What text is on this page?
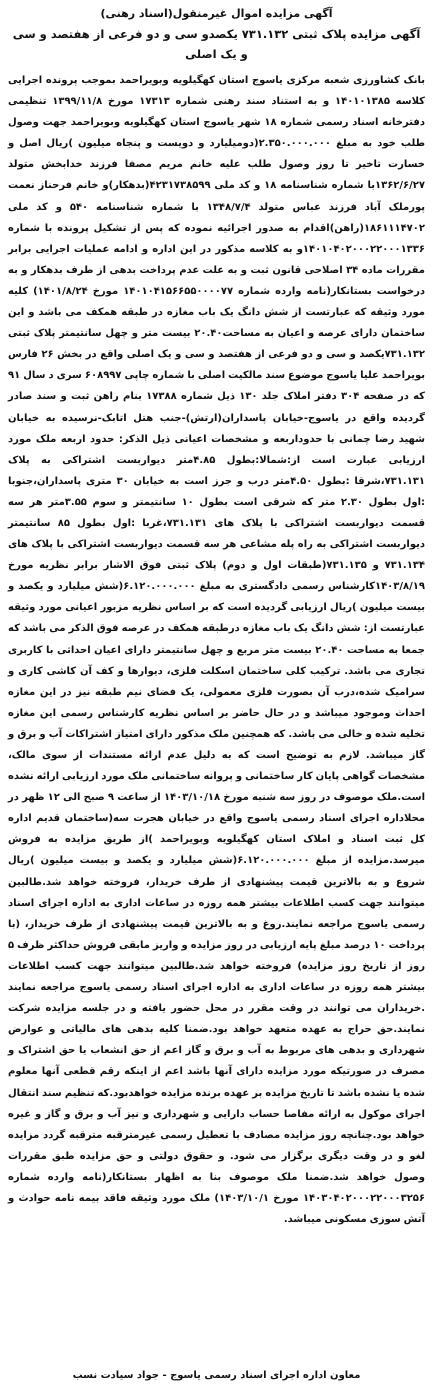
آگهی مزایده اموال غیرمنقول(اسناد رهنی)
آگهی مزایده پلاک ثبتی ۷۳۱.۱۳۲ یکصدو سی و دو فرعی از هفتصد و سی و یک اصلی
بانک کشاورزی شعبه مرکزی یاسوج استان کهگیلویه وبویراحمد بموجب پرونده اجرایی کلاسه ۱۴۰۱۰۱۳۸۵ و به استناد سند رهنی شماره ۱۷۳۱۳ مورخ ۱۳۹۹/۱۱/۸ تنظیمی دفترخانه اسناد رسمی شماره ۱۸ شهر یاسوج استان کهگیلویه وبویراحمد جهت وصول طلب خود به مبلغ ۲.۳۵۰.۰۰۰.۰۰۰(دومیلیارد و دویست و پنجاه میلیون )ریال اصل و خسارت تاخیر تا روز وصول طلب علیه خانم مریم مصفا فرزند خدابخش متولد ۱۳۶۲/۶/۲۷با شماره شناسنامه ۱۸ و کد ملی ۴۲۳۱۷۳۸۵۹۹(بدهکار)و خانم فرحناز نعمت پورملک آباد فرزند عباس متولد ۱۳۴۸/۷/۴ با شماره شناسنامه ۵۴۰ و کد ملی ۱۸۶۱۱۱۴۷۰۲(راهن)اقدام به صدور اجرائیه نموده که پس از تشکیل پرونده با شماره ۱۴۰۱۰۴۰۲۰۰۰۲۲۰۰۰۱۳۳۶و به کلاسه مذکور در این اداره و ادامه عملیات اجرایی برابر مقررات ماده ۳۴ اصلاحی قانون ثبت و به علت عدم پرداخت بدهی از طرف بدهکار و به درخواست بستانکار(نامه وارده شماره ۱۴۰۱۰۴۱۵۶۶۵۵۰۰۰۰۷۷ مورخ ۱۴۰۱/۸/۲۴) کلیه مورد وثیقه که عبارتست از شش دانگ یک باب مغازه در طبقه همکف می باشد و این ساختمان دارای عرصه و اعیان به مساحت۲۰.۴۰ بیست متر و چهل سانتیمتر پلاک ثبتی ۷۳۱.۱۳۲یکصد و سی و دو فرعی از هفتصد و سی و یک اصلی واقع در بخش ۲۶ فارس بویراحمد علیا یاسوج موضوع سند مالکیت اصلی با شماره چاپی ۶۰۸۹۹۷ سری د سال ۹۱ که در صفحه ۳۰۴ دفتر املاک جلد ۱۳۰ ذیل شماره ۱۷۳۸۸ بنام راهن ثبت و سند صادر گردیده واقع در یاسوج-خیابان پاسداران(ارتش)-جنب هتل اتابک-نرسیده به خیابان شهید رضا چمانی با حدوداربعه و مشخصات اعیانی ذیل الذکر: حدود اربعه ملک مورد ارزیابی عبارت است از:شمالا:بطول ۴.۸۵متر دیواربست اشتراکی به پلاک ۷۳۱.۱۳۱،شرقا :بطول ۴.۵۰متر درب و جرز است به خیابان ۳۰ متری پاسداران،جنوبا :اول بطول ۲.۳۰ متر که شرقی است بطول ۱۰ سانتیمتر و سوم ۳.۵۵متر هر سه قسمت دیواربست اشتراکی با پلاک های ۷۳۱.۱۳۱،غربا :اول بطول ۸۵ سانتیمتر دیواربست اشتراکی به راه پله مشاعی هر سه قسمت دیواربست اشتراکی با پلاک های ۷۳۱.۱۳۴ و ۷۳۱.۱۳۵(طبقات اول و دوم) پلاک ثبتی فوق الاشار برابر نظریه مورخ ۱۴۰۳/۸/۱۹کارشناس رسمی دادگستری به مبلغ ۶.۱۲۰.۰۰۰.۰۰۰(شش میلیارد و یکصد و بیست میلیون )ریال ارزیابی گردیده است که بر اساس نظریه مزبور اعیانی مورد وثیقه عبارتست از: شش دانگ یک باب مغازه درطبقه همکف در عرصه فوق الذکر می باشد که جمعا به مساحت ۲۰.۴۰ بیست متر مربع و چهل سانتیمتر دارای اعیان احداثی با کاربری تجاری می باشد. ترکیب کلی ساختمان اسکلت فلزی، دیوارها و کف آن کاشی کاری و سرامیک شده،درب آن بصورت فلزی معمولی، یک فضای نیم طبقه نیز در این مغازه احداث وموجود میباشد و در حال حاضر بر اساس نظریه کارشناس رسمی این مغازه تخلیه شده و خالی می باشد. که همچنین ملک مذکور دارای امتیاز اشتراکات آب و برق و گاز میباشد. لازم به توضیح است که به دلیل عدم ارائه مستندات از سوی مالک، مشخصات گواهی پایان کار ساختمانی و پروانه ساختمانی ملک مورد ارزیابی ارائه نشده است.ملک موصوف در روز سه شنبه مورخ ۱۴۰۳/۱۰/۱۸ از ساعت ۹ صبح الی ۱۲ ظهر در محلاداره اجرای اسناد رسمی یاسوج واقع در خیابان هجرت سه(ساختمان قدیم اداره کل ثبت اسناد و املاک استان کهگیلویه وبویراحمد )از طریق مزایده به فروش میرسد.مزایده از مبلغ ۶.۱۲۰.۰۰۰.۰۰۰(شش میلیارد و یکصد و بیست میلیون )ریال شروع و به بالاترین قیمت پیشنهادی از طرف خریدار، فروخته خواهد شد.طالبین میتوانند جهت کسب اطلاعات بیشتر همه روزه در ساعات اداری به اداره اجرای اسناد رسمی یاسوج مراجعه نمایند.روغ و به بالاترین قیمت پیشنهادی از طرف خریدار، (با پرداخت ۱۰ درصد مبلغ پایه ارزیابی در روز مزایده و واریز مابقی فروش حداکثر ظرف ۵ روز از تاریخ روز مزایده) فروخته خواهد شد.طالبین میتوانند جهت کسب اطلاعات بیشتر همه روزه در ساعات اداری به اداره اجرای اسناد رسمی یاسوج مراجعه نمایند .خریداران می توانند در وقت مقرر در محل حضور یافته و در جلسه مزایده شرکت نمایند.حق حراج به عهده متعهد خواهد بود.ضمنا کلیه بدهی های مالیاتی و عوارض شهرداری و بدهی های مربوط به آب و برق و گاز اعم از حق انشعاب یا حق اشتراک و مصرف در صورتیکه مورد مزایده دارای آنها باشد اعم از اینکه رقم قطعی آنها معلوم شده یا نشده باشد تا تاریخ مزایده بر عهده برنده مزایده خواهدبود.که تنظیم سند انتقال اجرای موکول به ارائه مفاصا حساب دارایی و شهرداری و نیز آب و برق و گاز و غیره خواهد بود.چنانچه روز مزایده مصادف با تعطیل رسمی غیرمترقبه مترقبه گردد مزایده لغو و در وقت دیگری برگزار می شود. و حقوق دولتی و حق مزایده طبق مقررات وصول خواهد شد.ضمنا ملک موصوف بنا به اظهار بستانکار(نامه وارده شماره ۱۴۰۳۰۴۰۲۰۰۰۲۲۰۰۰۳۲۵۶ مورخ ۱۴۰۳/۱۰/۱) ملک مورد وثیقه فاقد بیمه نامه حوادث و آتش سوزی مسکونی میباشد.
معاون اداره اجرای اسناد رسمی یاسوج - جواد سیادت نسب
